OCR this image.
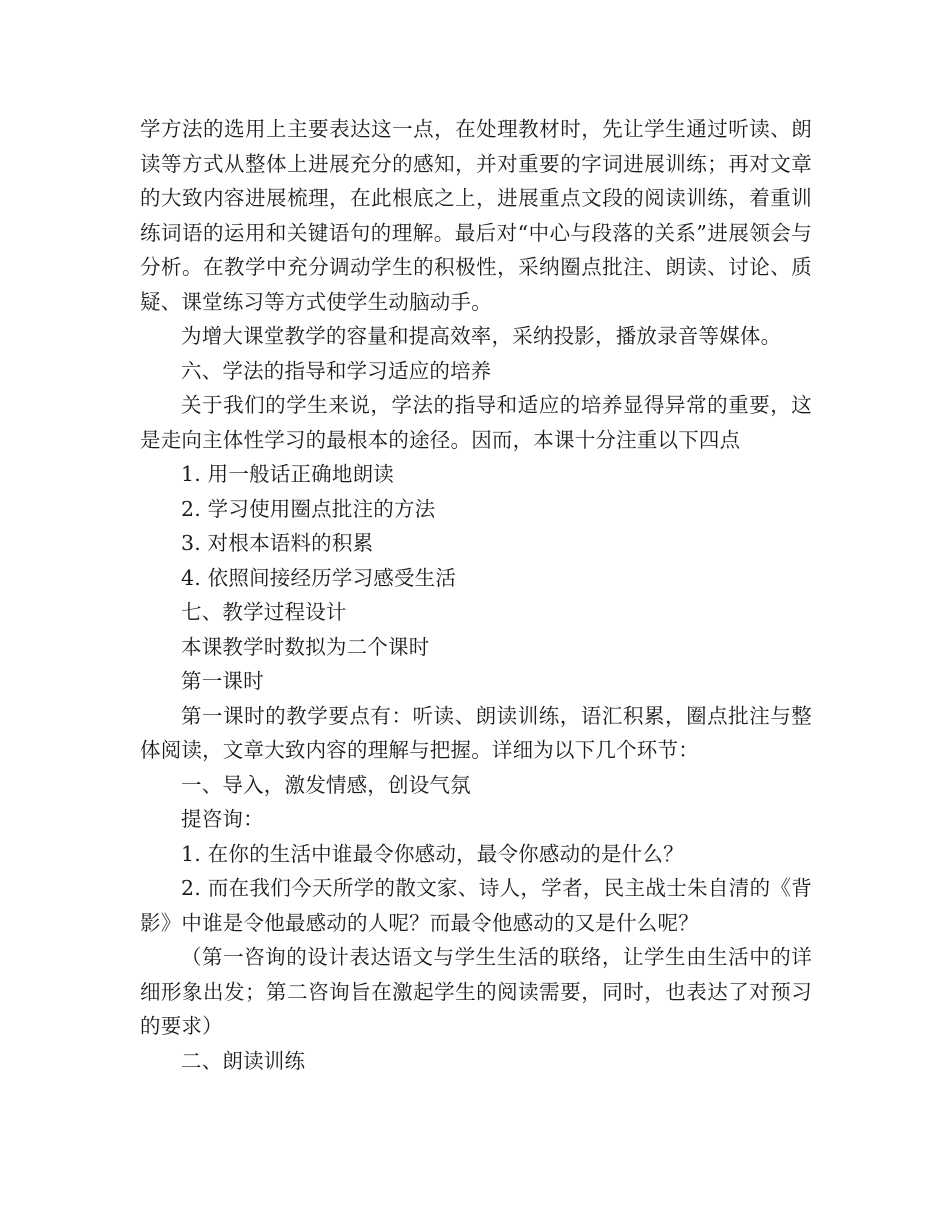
学方法的选用上主要表达这一点，在处理教材时，先让学生通过听读、朗读等方式从整体上进展充分的感知，并对重要的字词进展训练；再对文章的大致内容进展梳理，在此根底之上，进展重点文段的阅读训练，着重训练词语的运用和关键语句的理解。最后对“中心与段落的关系”进展领会与分析。在教学中充分调动学生的积极性，采纳圈点批注、朗读、讨论、质疑、课堂练习等方式使学生动脑动手。

为增大课堂教学的容量和提高效率，采纳投影，播放录音等媒体。

六、学法的指导和学习适应的培养

关于我们的学生来说，学法的指导和适应的培养显得异常的重要，这是走向主体性学习的最根本的途径。因而，本课十分注重以下四点

1. 用一般话正确地朗读

2. 学习使用圈点批注的方法

3. 对根本语料的积累

4. 依照间接经历学习感受生活

七、教学过程设计

本课教学时数拟为二个课时

第一课时

第一课时的教学要点有：听读、朗读训练，语汇积累，圈点批注与整体阅读，文章大致内容的理解与把握。详细为以下几个环节：

一、导入，激发情感，创设气氛

提咨询：

1. 在你的生活中谁最令你感动，最令你感动的是什么？

2. 而在我们今天所学的散文家、诗人，学者，民主战士朱自清的《背影》中谁是令他最感动的人呢？而最令他感动的又是什么呢？

（第一咨询的设计表达语文与学生生活的联络，让学生由生活中的详细形象出发；第二咨询旨在激起学生的阅读需要，同时，也表达了对预习的要求）

二、朗读训练
